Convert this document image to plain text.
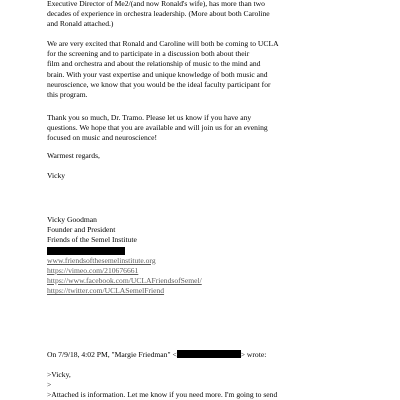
Executive Director of Me2/(and now Ronald's wife), has more than two
decades of experience in orchestra leadership. (More about both Caroline
and Ronald attached.)
We are very excited that Ronald and Caroline will both be coming to UCLA
for the screening and to participate in a discussion both about their
film and orchestra and about the relationship of music to the mind and
brain. With your vast expertise and unique knowledge of both music and
neuroscience, we know that you would be the ideal faculty participant for
this program.
Thank you so much, Dr. Tramo. Please let us know if you have any
questions. We hope that you are available and will join us for an evening
focused on music and neuroscience!
Warmest regards,
Vicky
Vicky Goodman
Founder and President
Friends of the Semel Institute
www.friendsofthesemelinstitute.org
https://vimeo.com/210676661
https://www.facebook.com/UCLAFriendsofSemel/
https://twitter.com/UCLASemelFriend
On 7/9/18, 4:02 PM, "Margie Friedman" <	> wrote:
>Vicky,
>
>Attached is information. Let me know if you need more. I'm going to send
